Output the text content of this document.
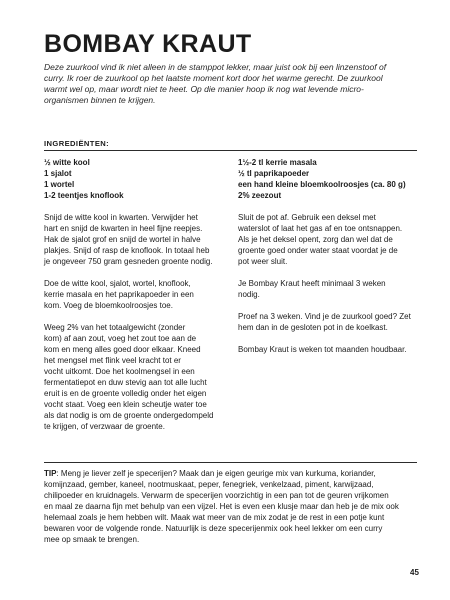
BOMBAY KRAUT
Deze zuurkool vind ik niet alleen in de stamppot lekker, maar juist ook bij een linzenstoof of
curry. Ik roer de zuurkool op het laatste moment kort door het warme gerecht. De zuurkool
warmt wel op, maar wordt niet te heet. Op die manier hoop ik nog wat levende micro-
organismen binnen te krijgen.
INGREDIËNTEN:
½ witte kool
1 sjalot
1 wortel
1-2 teentjes knoflook
Snijd de witte kool in kwarten. Verwijder het
hart en snijd de kwarten in heel fijne reepjes.
Hak de sjalot grof en snijd de wortel in halve
plakjes. Snijd of rasp de knoflook. In totaal heb
je ongeveer 750 gram gesneden groente nodig.
Doe de witte kool, sjalot, wortel, knoflook,
kerrie masala en het paprikapoeder in een
kom. Voeg de bloemkoolroosjes toe.
Weeg 2% van het totaalgewicht (zonder
kom) af aan zout, voeg het zout toe aan de
kom en meng alles goed door elkaar. Kneed
het mengsel met flink veel kracht tot er
vocht uitkomt. Doe het koolmengsel in een
fermentatiepot en duw stevig aan tot alle lucht
eruit is en de groente volledig onder het eigen
vocht staat. Voeg een klein scheutje water toe
als dat nodig is om de groente ondergedompeld
te krijgen, of verzwaar de groente.
1½-2 tl kerrie masala
½ tl paprikapoeder
een hand kleine bloemkoolroosjes (ca. 80 g)
2% zeezout
Sluit de pot af. Gebruik een deksel met
waterslot of laat het gas af en toe ontsnappen.
Als je het deksel opent, zorg dan wel dat de
groente goed onder water staat voordat je de
pot weer sluit.
Je Bombay Kraut heeft minimaal 3 weken
nodig.
Proef na 3 weken. Vind je de zuurkool goed? Zet
hem dan in de gesloten pot in de koelkast.
Bombay Kraut is weken tot maanden houdbaar.
TIP: Meng je liever zelf je specerijen? Maak dan je eigen geurige mix van kurkuma, koriander,
komijnzaad, gember, kaneel, nootmuskaat, peper, fenegriek, venkelzaad, piment, karwijzaad,
chilipoeder en kruidnagels. Verwarm de specerijen voorzichtig in een pan tot de geuren vrijkomen
en maal ze daarna fijn met behulp van een vijzel. Het is even een klusje maar dan heb je de mix ook
helemaal zoals je hem hebben wilt. Maak wat meer van de mix zodat je de rest in een potje kunt
bewaren voor de volgende ronde. Natuurlijk is deze specerijenmix ook heel lekker om een curry
mee op smaak te brengen.
45
